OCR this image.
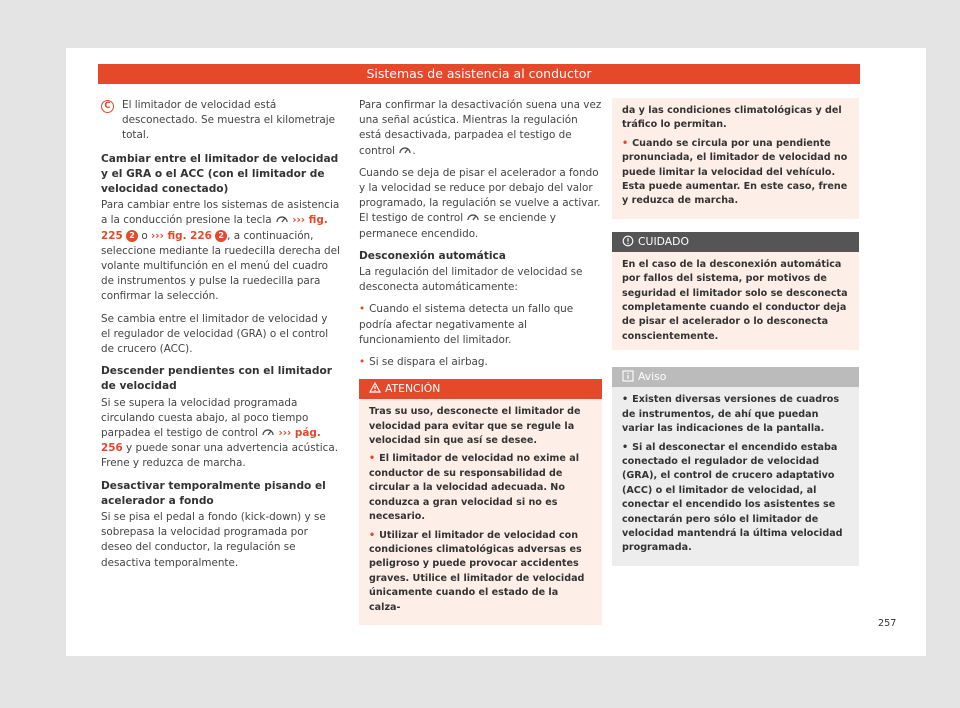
Sistemas de asistencia al conductor
C	El limitador de velocidad está desconectado. Se muestra el kilometraje total.
Cambiar entre el limitador de velocidad y el GRA o el ACC (con el limitador de velocidad conectado)

Para cambiar entre los sistemas de asistencia a la conducción presione la tecla ››› fig. 225 2 o ››› fig. 226 2 , a continuación, seleccione mediante la ruedecilla derecha del volante multifunción en el menú del cuadro de instrumentos y pulse la ruedecilla para confirmar la selección.

Se cambia entre el limitador de velocidad y el regulador de velocidad (GRA) o el control de crucero (ACC).

Descender pendientes con el limitador de velocidad

Si se supera la velocidad programada circulando cuesta abajo, al poco tiempo parpadea el testigo de control ››› pág. 256 y puede sonar una advertencia acústica. Frene y reduzca de marcha.

Desactivar temporalmente pisando el acelerador a fondo

Si se pisa el pedal a fondo (kick-down) y se sobrepasa la velocidad programada por deseo del conductor, la regulación se desactiva temporalmente.

Para confirmar la desactivación suena una vez una señal acústica. Mientras la regulación está desactivada, parpadea el testigo de control .

Cuando se deja de pisar el acelerador a fondo y la velocidad se reduce por debajo del valor programado, la regulación se vuelve a activar. El testigo de control se enciende y permanece encendido.

Desconexión automática

La regulación del limitador de velocidad se desconecta automáticamente:

• Cuando el sistema detecta un fallo que podría afectar negativamente al funcionamiento del limitador.

• Si se dispara el airbag.

ATENCIÓN

Tras su uso, desconecte el limitador de velocidad para evitar que se regule la velocidad sin que así se desee.

• El limitador de velocidad no exime al conductor de su responsabilidad de circular a la velocidad adecuada. No conduzca a gran velocidad si no es necesario.

• Utilizar el limitador de velocidad con condiciones climatológicas adversas es peligroso y puede provocar accidentes graves. Utilice el limitador de velocidad únicamente cuando el estado de la calza-

da y las condiciones climatológicas y del tráfico lo permitan.

• Cuando se circula por una pendiente pronunciada, el limitador de velocidad no puede limitar la velocidad del vehículo. Esta puede aumentar. En este caso, frene y reduzca de marcha.

CUIDADO
En el caso de la desconexión automática por fallos del sistema, por motivos de seguridad el limitador solo se desconecta completamente cuando el conductor deja de pisar el acelerador o lo desconecta conscientemente.
Aviso

• Existen diversas versiones de cuadros de instrumentos, de ahí que puedan variar las indicaciones de la pantalla.

• Si al desconectar el encendido estaba conectado el regulador de velocidad (GRA), el control de crucero adaptativo (ACC) o el limitador de velocidad, al conectar el encendido los asistentes se conectarán pero sólo el limitador de velocidad mantendrá la última velocidad programada.

257
